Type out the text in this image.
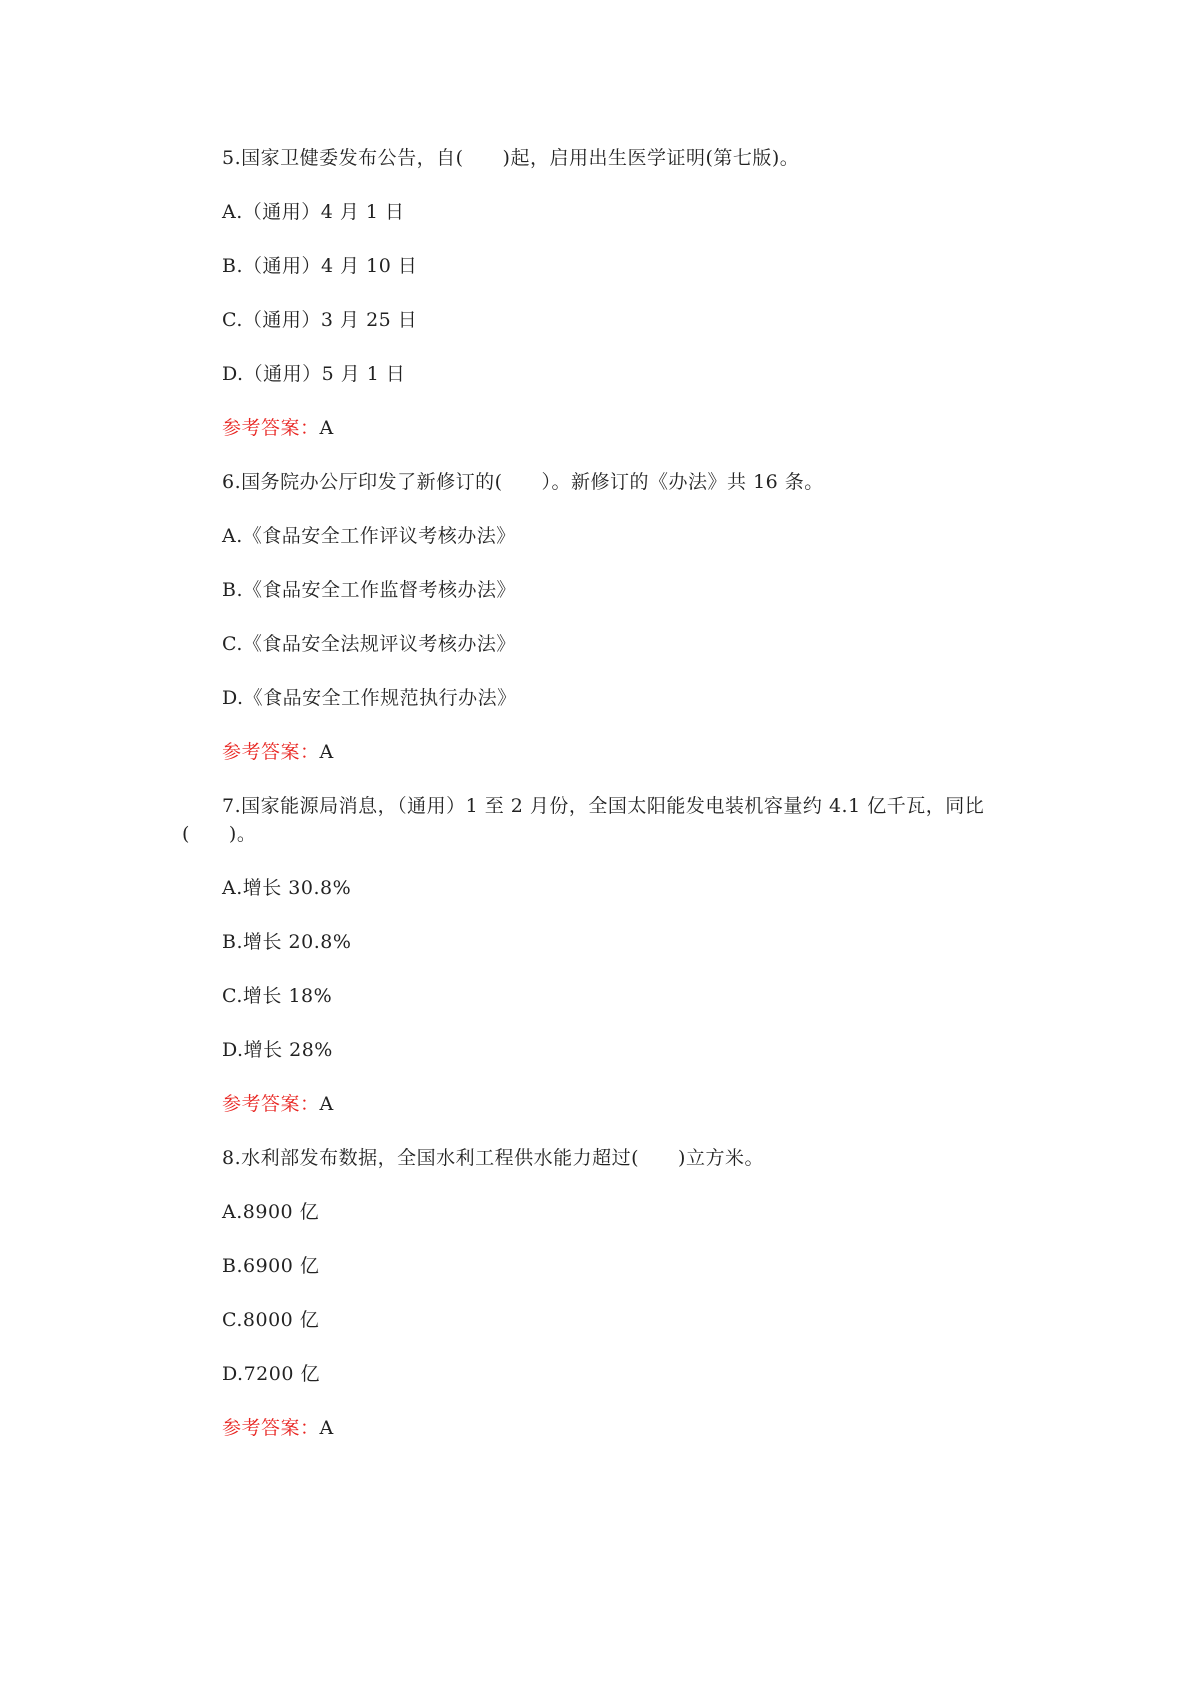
5.国家卫健委发布公告，自(　　)起，启用出生医学证明(第七版)。
A.（通用）4 月 1 日
B.（通用）4 月 10 日
C.（通用）3 月 25 日
D.（通用）5 月 1 日
参考答案：A
6.国务院办公厅印发了新修订的(　　）。新修订的《办法》共 16 条。
A.《食品安全工作评议考核办法》
B.《食品安全工作监督考核办法》
C.《食品安全法规评议考核办法》
D.《食品安全工作规范执行办法》
参考答案：A
7.国家能源局消息，（通用）1 至 2 月份，全国太阳能发电装机容量约 4.1 亿千瓦，同比(　　)。
A.增长 30.8%
B.增长 20.8%
C.增长 18%
D.增长 28%
参考答案：A
8.水利部发布数据，全国水利工程供水能力超过(　　)立方米。
A.8900 亿
B.6900 亿
C.8000 亿
D.7200 亿
参考答案：A
